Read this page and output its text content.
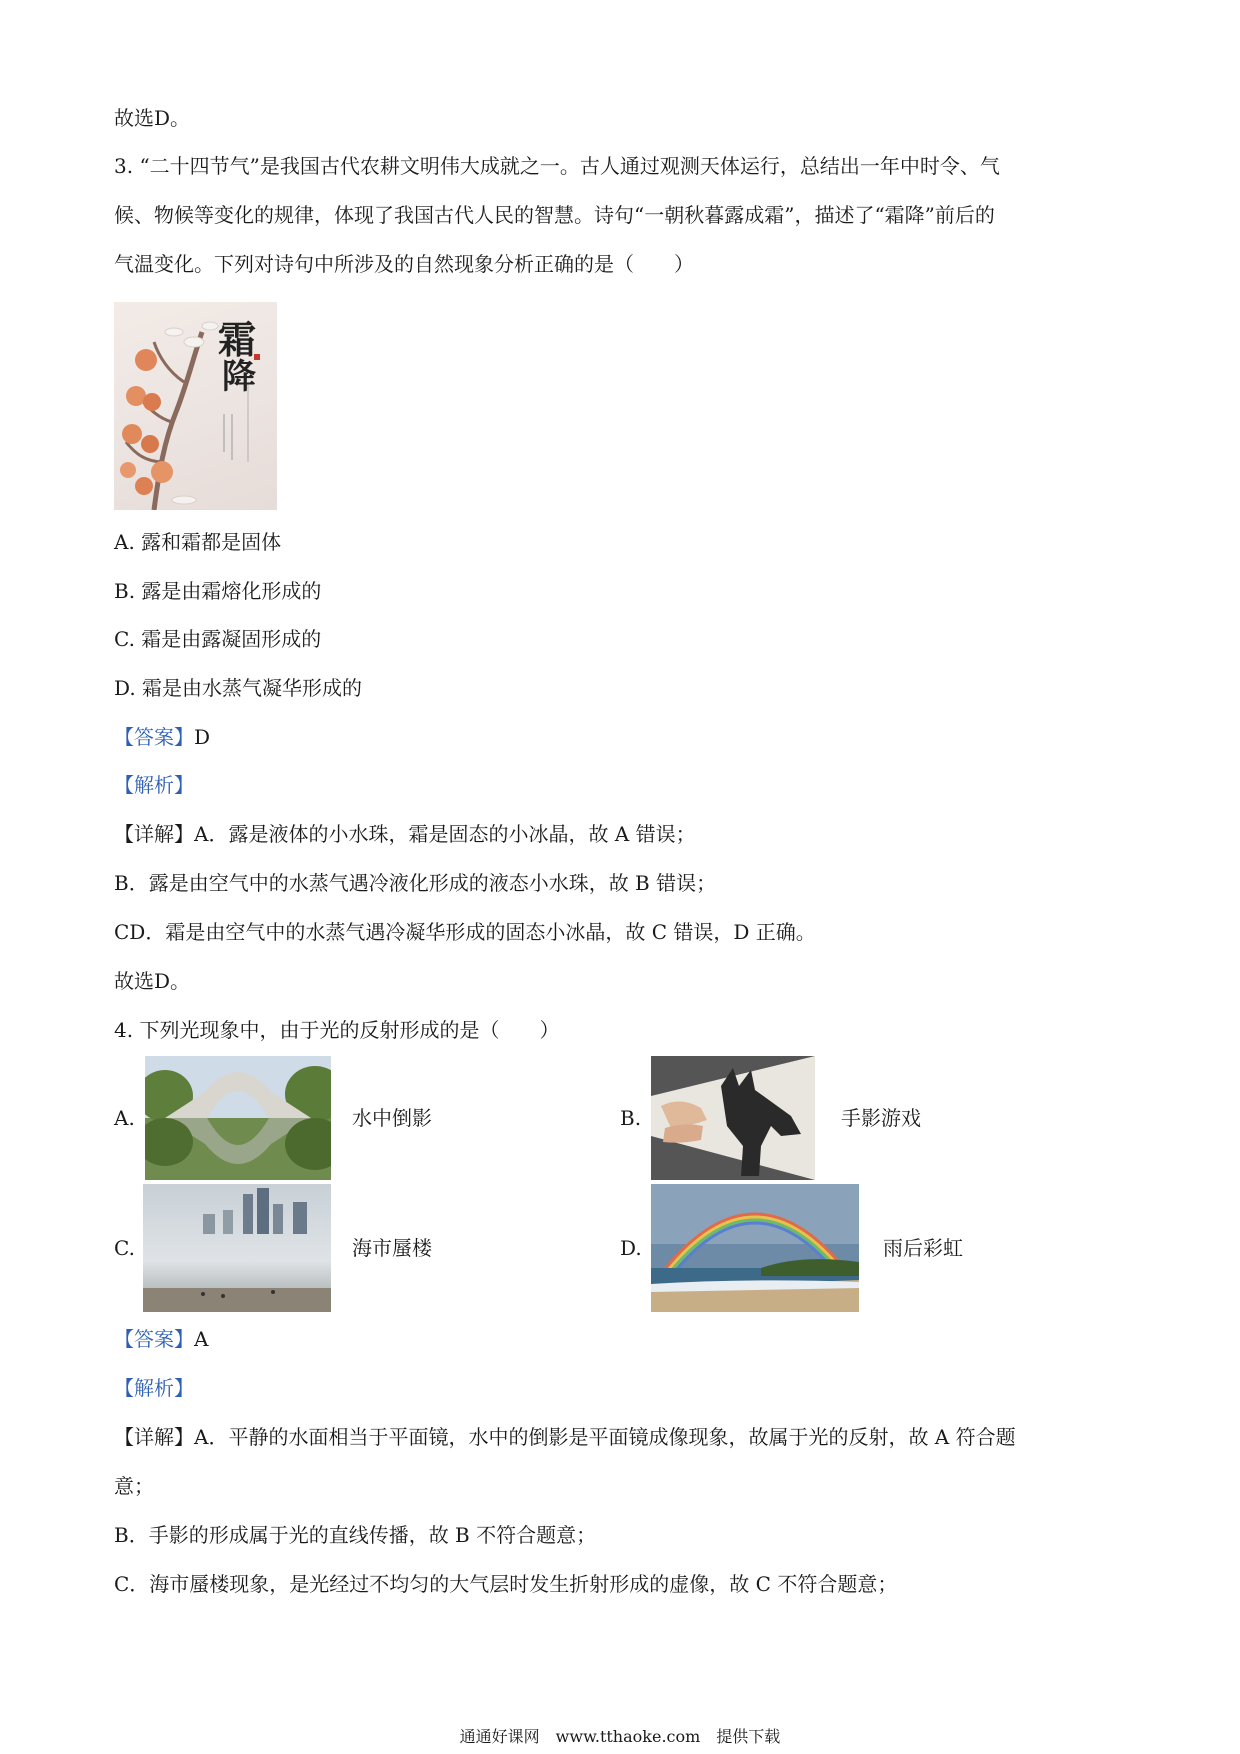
故选D。
3. “二十四节气”是我国古代农耕文明伟大成就之一。古人通过观测天体运行，总结出一年中时令、气
候、物候等变化的规律，体现了我国古代人民的智慧。诗句“一朝秋暮露成霜”，描述了“霜降”前后的
气温变化。下列对诗句中所涉及的自然现象分析正确的是（　　）
霜
降
A. 露和霜都是固体
B. 露是由霜熔化形成的
C. 霜是由露凝固形成的
D. 霜是由水蒸气凝华形成的
【答案】D
【解析】
【详解】A．露是液体的小水珠，霜是固态的小冰晶，故 A 错误；
B．露是由空气中的水蒸气遇冷液化形成的液态小水珠，故 B 错误；
CD．霜是由空气中的水蒸气遇冷凝华形成的固态小冰晶，故 C 错误，D 正确。
故选D。
4. 下列光现象中，由于光的反射形成的是（　　）
A.	水中倒影	B.	手影游戏
C.	海市蜃楼	D.	雨后彩虹
【答案】A
【解析】
【详解】A．平静的水面相当于平面镜，水中的倒影是平面镜成像现象，故属于光的反射，故 A 符合题
意；
B．手影的形成属于光的直线传播，故 B 不符合题意；
C．海市蜃楼现象，是光经过不均匀的大气层时发生折射形成的虚像，故 C 不符合题意；
通通好课网　www.tthaoke.com　提供下载
